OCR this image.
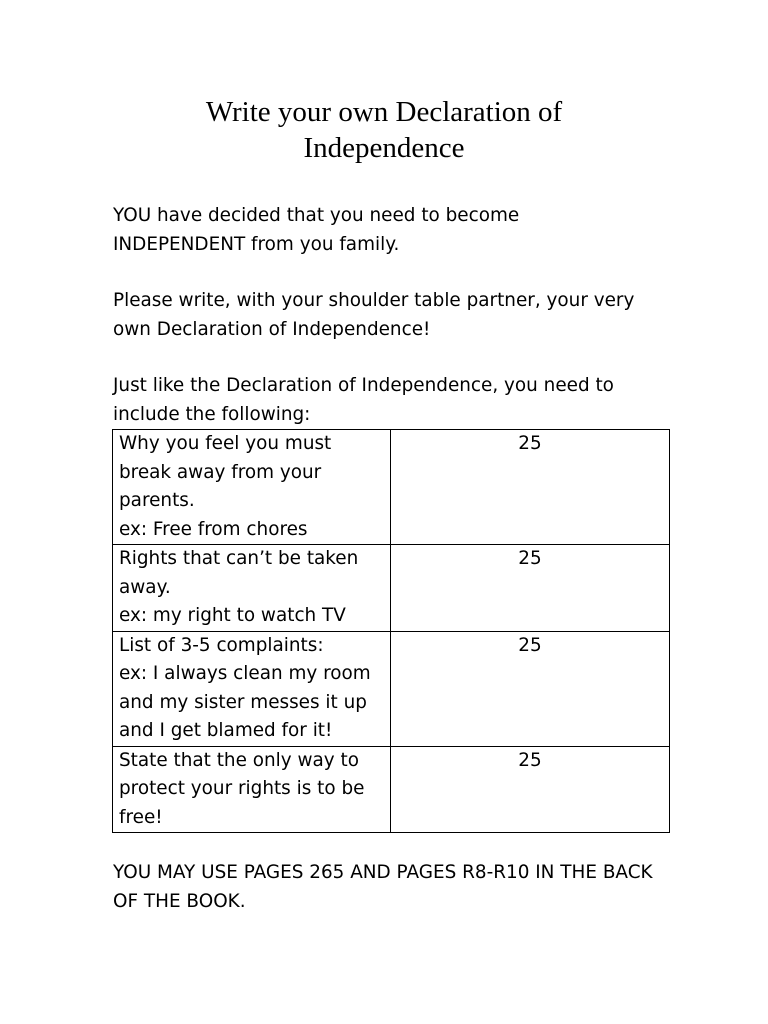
Write your own Declaration of
Independence

YOU have decided that you need to become
INDEPENDENT from you family.

Please write, with your shoulder table partner, your very
own Declaration of Independence!

Just like the Declaration of Independence, you need to
include the following:

Why you feel you must
break away from your
parents.
ex: Free from chores	25
Rights that can’t be taken
away.
ex: my right to watch TV	25
List of 3-5 complaints:
ex: I always clean my room
and my sister messes it up
and I get blamed for it!	25
State that the only way to
protect your rights is to be
free!	25

YOU MAY USE PAGES 265 AND PAGES R8-R10 IN THE BACK
OF THE BOOK.
